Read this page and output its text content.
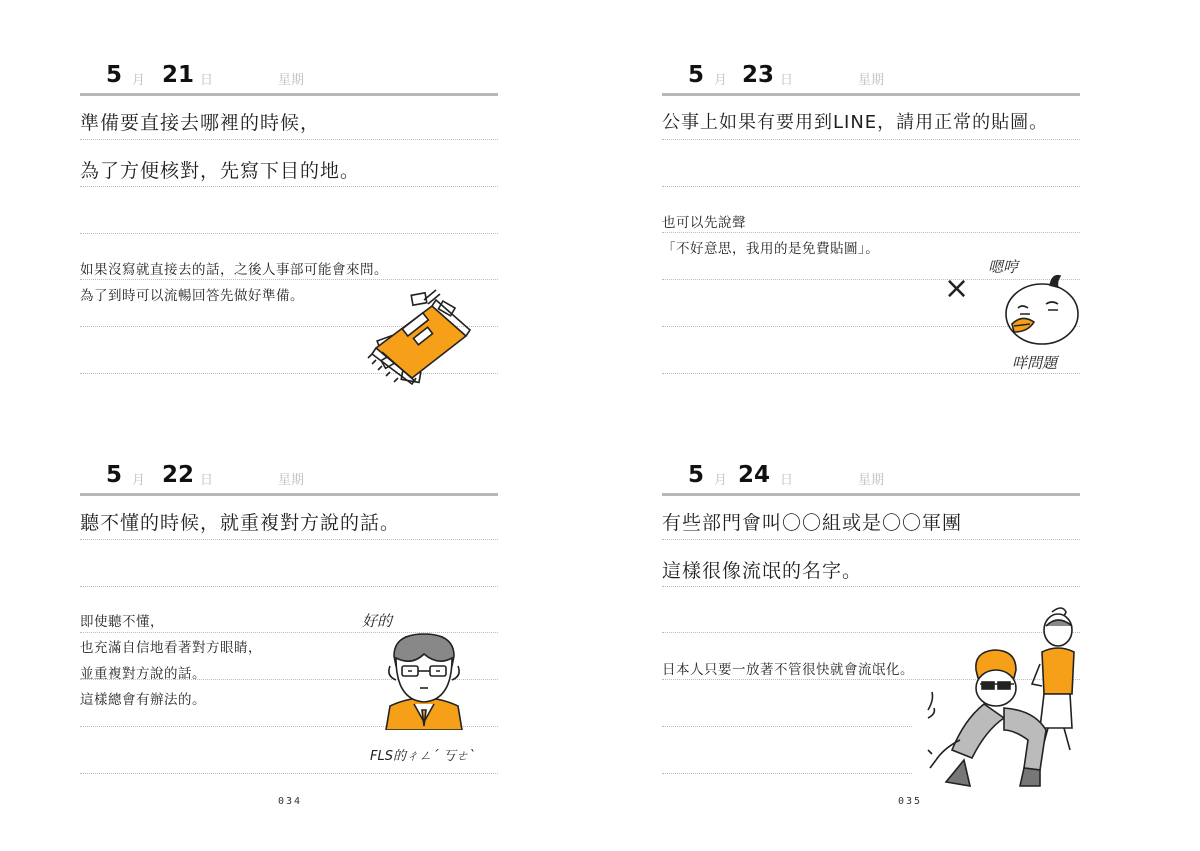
5 月 21 日	星期
準備要直接去哪裡的時候，
為了方便核對，先寫下目的地。
如果沒寫就直接去的話，之後人事部可能會來問。
為了到時可以流暢回答先做好準備。
5 月 22 日	星期
聽不懂的時候，就重複對方說的話。
即使聽不懂，
也充滿自信地看著對方眼睛，
並重複對方說的話。
這樣總會有辦法的。
好的
FLS的ㄔㄥˊ 丂ㄜˋ
034
5 月 23 日	星期
公事上如果有要用到LINE，請用正常的貼圖。
也可以先說聲
「不好意思，我用的是免費貼圖」。
×
嗯哼
咩問題
5 月 24 日	星期
有些部門會叫〇〇組或是〇〇軍團
這樣很像流氓的名字。
日本人只要一放著不管很快就會流氓化。
035
